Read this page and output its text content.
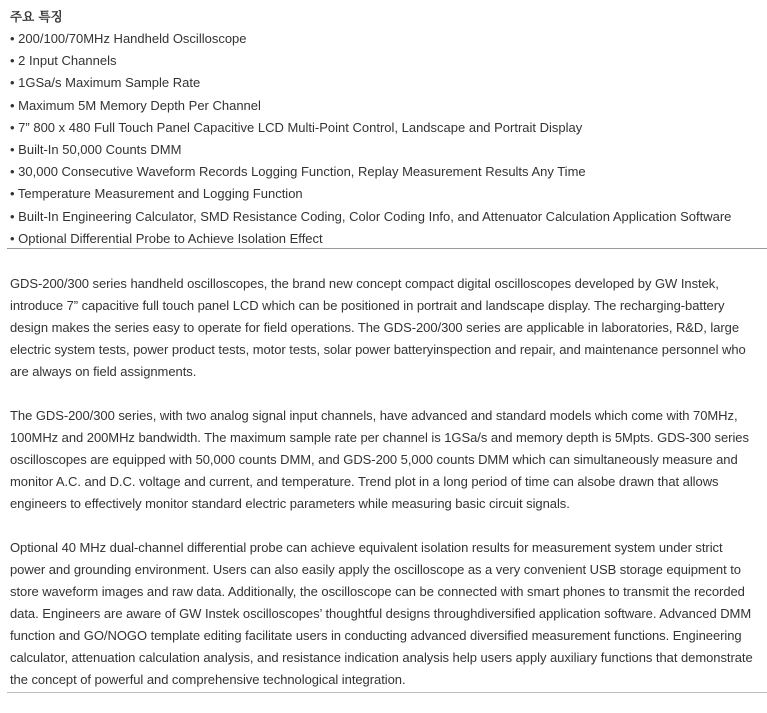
주요 특징
• 200/100/70MHz Handheld Oscilloscope
• 2 Input Channels
• 1GSa/s Maximum Sample Rate
• Maximum 5M Memory Depth Per Channel
• 7” 800 x 480 Full Touch Panel Capacitive LCD Multi-Point Control, Landscape and Portrait Display
• Built-In 50,000 Counts DMM
• 30,000 Consecutive Waveform Records Logging Function, Replay Measurement Results Any Time
• Temperature Measurement and Logging Function
• Built-In Engineering Calculator, SMD Resistance Coding, Color Coding Info, and Attenuator Calculation Application Software
• Optional Differential Probe to Achieve Isolation Effect

GDS-200/300 series handheld oscilloscopes, the brand new concept compact digital oscilloscopes developed by GW Instek, introduce 7” capacitive full touch panel LCD which can be positioned in portrait and landscape display. The recharging-battery design makes the series easy to operate for field operations. The GDS-200/300 series are applicable in laboratories, R&D, large electric system tests, power product tests, motor tests, solar power batteryinspection and repair, and maintenance personnel who are always on field assignments.

The GDS-200/300 series, with two analog signal input channels, have advanced and standard models which come with 70MHz, 100MHz and 200MHz bandwidth. The maximum sample rate per channel is 1GSa/s and memory depth is 5Mpts. GDS-300 series oscilloscopes are equipped with 50,000 counts DMM, and GDS-200 5,000 counts DMM which can simultaneously measure and monitor A.C. and D.C. voltage and current, and temperature. Trend plot in a long period of time can alsobe drawn that allows engineers to effectively monitor standard electric parameters while measuring basic circuit signals.

Optional 40 MHz dual-channel differential probe can achieve equivalent isolation results for measurement system under strict power and grounding environment. Users can also easily apply the oscilloscope as a very convenient USB storage equipment to store waveform images and raw data. Additionally, the oscilloscope can be connected with smart phones to transmit the recorded data. Engineers are aware of GW Instek oscilloscopes’ thoughtful designs throughdiversified application software. Advanced DMM function and GO/NOGO template editing facilitate users in conducting advanced diversified measurement functions. Engineering calculator, attenuation calculation analysis, and resistance indication analysis help users apply auxiliary functions that demonstrate the concept of powerful and comprehensive technological integration.
